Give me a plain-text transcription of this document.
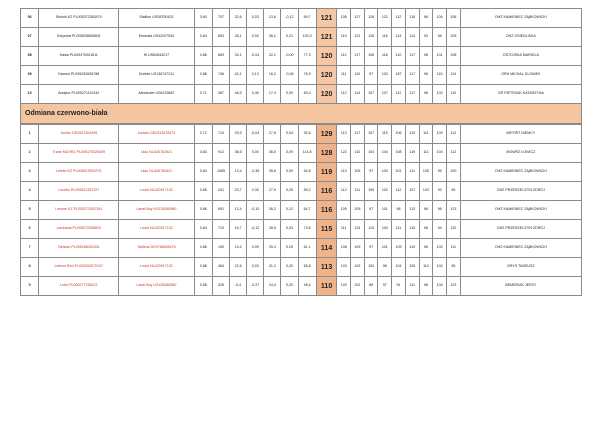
06	Stolnik KZ PL005372363474	Stallion USS8750432	0.60	707	32,6	0,03	13,6	-0,12	69,7	121	106	127	128	122	112	118	98	104	106	OHZ KAMIENIEC ZĄBKOWICKI
07	Eclyenta PL005526895605	Emerald US42207534	0.84	653	28,1	0,00	36,1	0,21	100,3	121	119	121	126	116	114	114	93	98	109	OHZ OSIEDLISKA
08	Hawa PL005470001611	Hi US62844217	0.86	669	33,1	-0,04	22,1	-0,00	77,3	120	112	117	106	118	110	117	98	101	108	OSTOJSKA MARIOLA
09	Damon PL005292695788	Doeble US136747211	0.86	746	42,1	0,13	16,2	-0,06	76,9	120	111	110	97	103	187	117	98	115	114	ORH MICHAL GLOWEK
10	Audytor PL005271112442	Alexander US6133687	0.71	387	46,5	0,40	17,4	0,00	83,4	120	112	114	107	107	112	117	98	102	110	GR PIETRZAK KATARZYNA
Odmiana czerwono-biała
1	Jumbo DE0537304299	Jorasto DE0313678473	0.72	714	29,5	-0,04	27,8	0,04	92,6	129	113	117	107	115	106	119	111	109	112	IMPORT NIEMCY
2	Trane MCHRZ PL005375325399	Lilac NLA26782621	0.83	912	38,5	0,00	36,5	0,09	114,8	128	122	110	104	104	108	119	111	104	112	MOWRZ ŁOWICZ
3	Libelin KZ PL005537893279	Lilac NLA26782621	0.84	1065	13,4	-0,35	35,8	0,00	64,8	119	113	105	97	103	101	111	105	95	100	OHZ KAMIENIEC ZĄBKOWICKI
4	Lochbo PL005521397327	Leola NL420917132	0.85	241	23,7	0,30	27,9	0,25	89,2	116	112	111	109	102	112	107	103	93	95	OHZ PRZERZECZYN ZDRÓJ
5	Lewron KZ PL005273292304	Lanel Boy US135080980	0.86	691	12,4	-0,10	26,2	0,12	64,7	116	109	109	97	101	98	113	96	98	123	OHZ KAMIENIEC ZĄBKOWICKI
6	Lambada PL005270285819	Leola NL420917132	0.84	713	19,7	-0,12	28,9	0,03	73,6	115	111	113	110	104	111	115	98	94	132	OHZ PRZERZECZYN ZDRÓJ
7	Tabstan PL005288432301	Taldeus DE0768655478	0.86	190	13,4	0,09	25,3	0,25	61,1	114	108	109	97	101	109	119	96	102	111	OHZ KAMIENIEC ZĄBKOWICKI
8	Lelmus Red PL005253070107	Leola NL420917132	0.88	484	22,6	0,03	21,2	0,20	65,8	113	103	103	102	98	104	105	110	102	95	GRYS TADEUSZ
9	Lotor PL005277236107	Lanel Boy US135080980	0.58	326	-0,4	-0,27	24,4	0,20	48,4	110	103	102	89	97	91	111	98	104	123	BEMERIAK JERZY
